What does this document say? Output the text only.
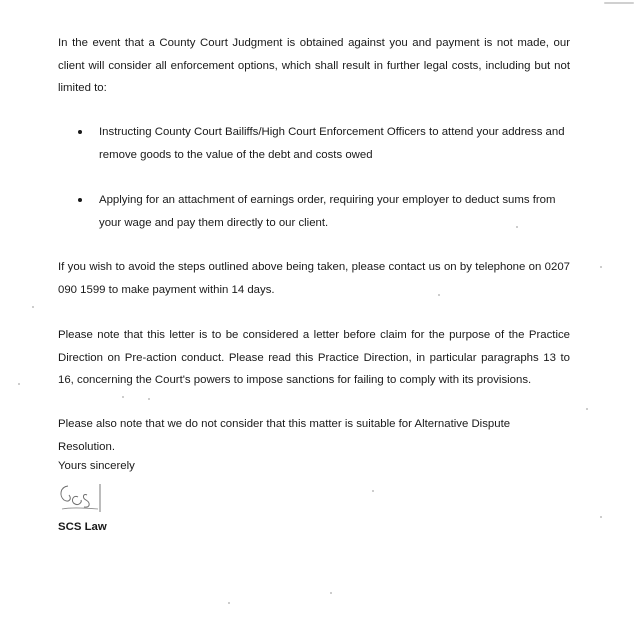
In the event that a County Court Judgment is obtained against you and payment is not made, our client will consider all enforcement options, which shall result in further legal costs, including but not limited to:

Instructing County Court Bailiffs/High Court Enforcement Officers to attend your address and remove goods to the value of the debt and costs owed

Applying for an attachment of earnings order, requiring your employer to deduct sums from your wage and pay them directly to our client.

If you wish to avoid the steps outlined above being taken, please contact us on by telephone on 0207 090 1599 to make payment within 14 days.

Please note that this letter is to be considered a letter before claim for the purpose of the Practice Direction on Pre-action conduct. Please read this Practice Direction, in particular paragraphs 13 to 16, concerning the Court's powers to impose sanctions for failing to comply with its provisions.

Please also note that we do not consider that this matter is suitable for Alternative Dispute Resolution.

Yours sincerely

SCS Law
